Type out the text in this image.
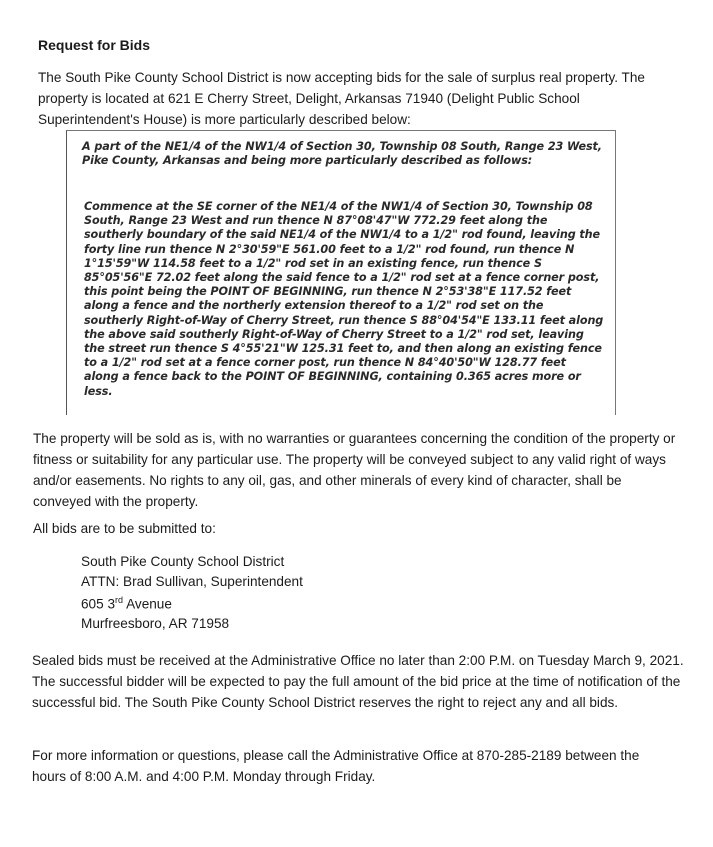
Request for Bids
The South Pike County School District is now accepting bids for the sale of surplus real property. The property is located at 621 E Cherry Street, Delight, Arkansas 71940 (Delight Public School Superintendent's House) is more particularly described below:
A part of the NE1/4 of the NW1/4 of Section 30, Township 08 South, Range 23 West, Pike County, Arkansas and being more particularly described as follows:
Commence at the SE corner of the NE1/4 of the NW1/4 of Section 30, Township 08 South, Range 23 West and run thence N 87°08'47"W 772.29 feet along the southerly boundary of the said NE1/4 of the NW1/4 to a 1/2" rod found, leaving the forty line run thence N 2°30'59"E 561.00 feet to a 1/2" rod found, run thence N 1°15'59"W 114.58 feet to a 1/2" rod set in an existing fence, run thence S 85°05'56"E 72.02 feet along the said fence to a 1/2" rod set at a fence corner post, this point being the POINT OF BEGINNING, run thence N 2°53'38"E 117.52 feet along a fence and the northerly extension thereof to a 1/2" rod set on the southerly Right-of-Way of Cherry Street, run thence S 88°04'54"E 133.11 feet along the above said southerly Right-of-Way of Cherry Street to a 1/2" rod set, leaving the street run thence S 4°55'21"W 125.31 feet to, and then along an existing fence to a 1/2" rod set at a fence corner post, run thence N 84°40'50"W 128.77 feet along a fence back to the POINT OF BEGINNING, containing 0.365 acres more or less.
The property will be sold as is, with no warranties or guarantees concerning the condition of the property or fitness or suitability for any particular use. The property will be conveyed subject to any valid right of ways and/or easements. No rights to any oil, gas, and other minerals of every kind of character, shall be conveyed with the property.
All bids are to be submitted to:
South Pike County School District
ATTN: Brad Sullivan, Superintendent
605 3rd Avenue
Murfreesboro, AR 71958
Sealed bids must be received at the Administrative Office no later than 2:00 P.M. on Tuesday March 9, 2021. The successful bidder will be expected to pay the full amount of the bid price at the time of notification of the successful bid. The South Pike County School District reserves the right to reject any and all bids.
For more information or questions, please call the Administrative Office at 870-285-2189 between the hours of 8:00 A.M. and 4:00 P.M. Monday through Friday.
